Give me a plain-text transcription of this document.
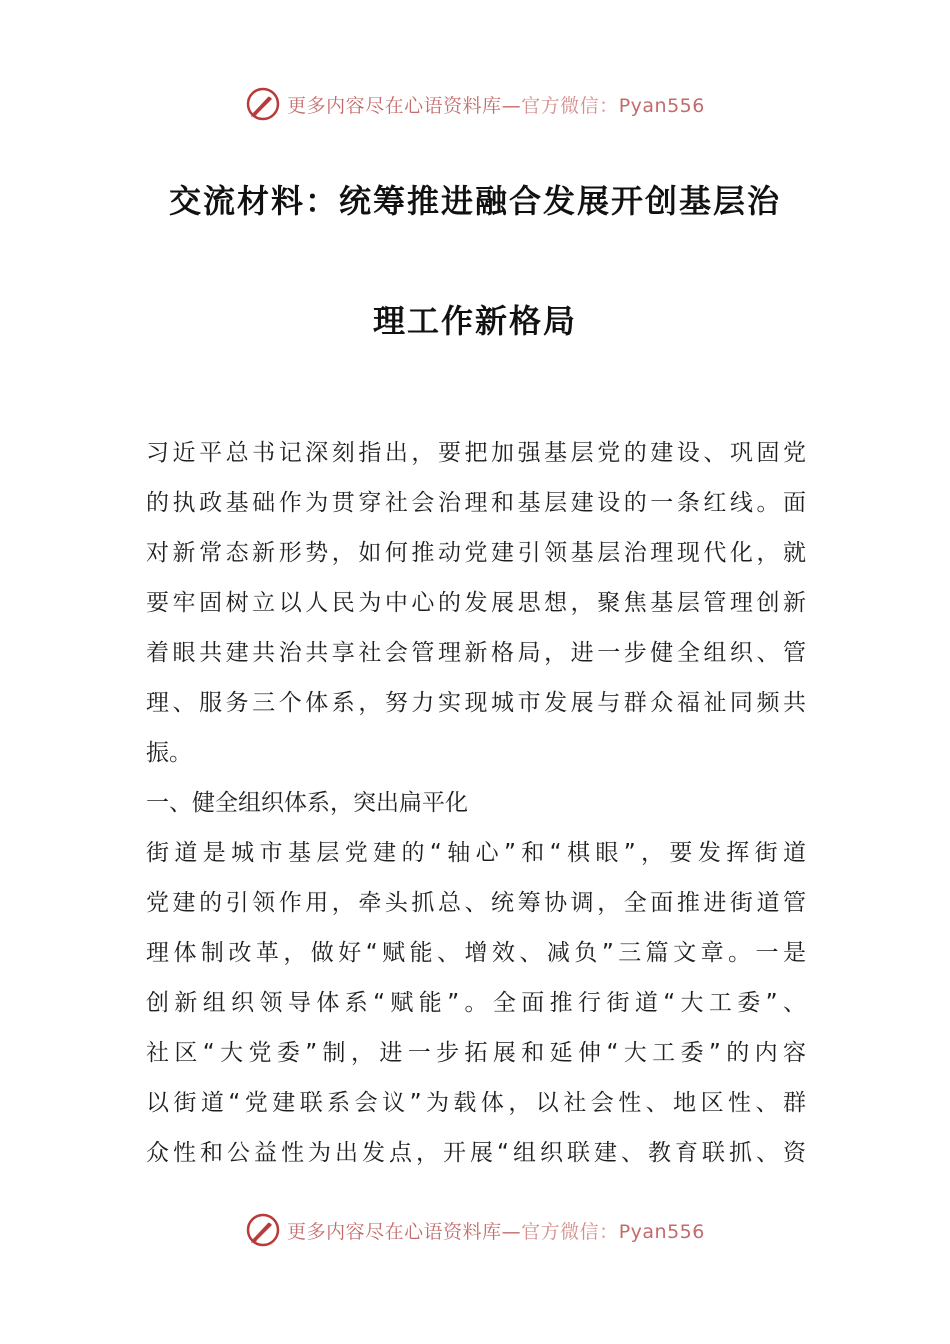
更多内容尽在心语资料库—官方微信：Pyan556
交流材料：统筹推进融合发展开创基层治
理工作新格局
习近平总书记深刻指出，要把加强基层党的建设、巩固党
的执政基础作为贯穿社会治理和基层建设的一条红线。面
对新常态新形势，如何推动党建引领基层治理现代化，就
要牢固树立以人民为中心的发展思想，聚焦基层管理创新
着眼共建共治共享社会管理新格局，进一步健全组织、管
理、服务三个体系，努力实现城市发展与群众福祉同频共
振。
一、健全组织体系，突出扁平化
街道是城市基层党建的“轴心”和“棋眼”，要发挥街道
党建的引领作用，牵头抓总、统筹协调，全面推进街道管
理体制改革，做好“赋能、增效、减负”三篇文章。一是
创新组织领导体系“赋能”。全面推行街道“大工委”、
社区“大党委”制，进一步拓展和延伸“大工委”的内容
以街道“党建联系会议”为载体，以社会性、地区性、群
众性和公益性为出发点，开展“组织联建、教育联抓、资
更多内容尽在心语资料库—官方微信：Pyan556
